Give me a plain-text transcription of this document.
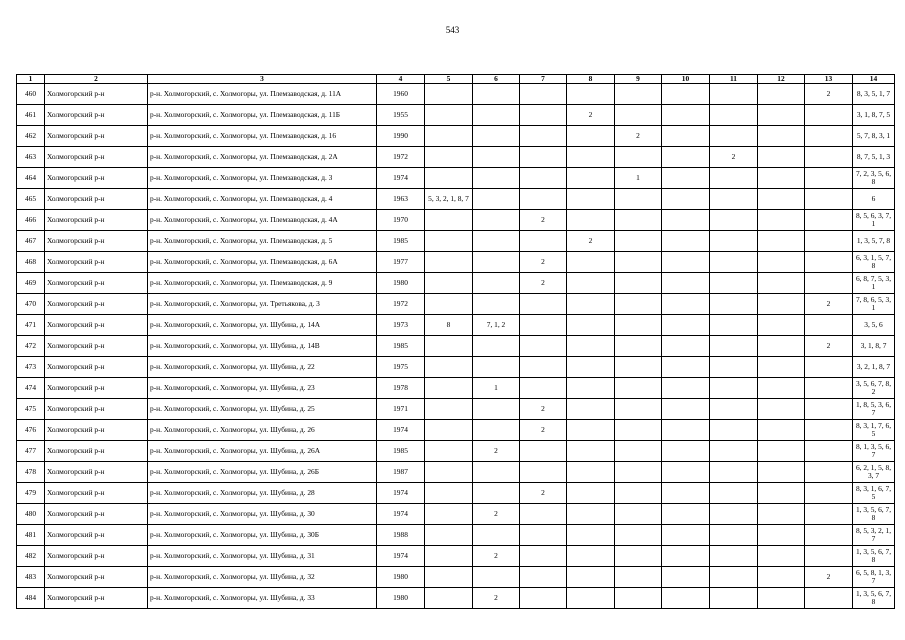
543
1	2	3	4	5	6	7	8	9	10	11	12	13	14
460	Холмогорский р-н	р-н. Холмогорский, с. Холмогоры, ул. Племзаводская, д. 11А	1960									2	8, 3, 5, 1, 7
461	Холмогорский р-н	р-н. Холмогорский, с. Холмогоры, ул. Племзаводская, д. 11Б	1955				2						3, 1, 8, 7, 5
462	Холмогорский р-н	р-н. Холмогорский, с. Холмогоры, ул. Племзаводская, д. 16	1990					2					5, 7, 8, 3, 1
463	Холмогорский р-н	р-н. Холмогорский, с. Холмогоры, ул. Племзаводская, д. 2А	1972							2			8, 7, 5, 1, 3
464	Холмогорский р-н	р-н. Холмогорский, с. Холмогоры, ул. Племзаводская, д. 3	1974					1					7, 2, 3, 5, 6, 8
465	Холмогорский р-н	р-н. Холмогорский, с. Холмогоры, ул. Племзаводская, д. 4	1963	5, 3, 2, 1, 8, 7									6
466	Холмогорский р-н	р-н. Холмогорский, с. Холмогоры, ул. Племзаводская, д. 4А	1970			2							8, 5, 6, 3, 7, 1
467	Холмогорский р-н	р-н. Холмогорский, с. Холмогоры, ул. Племзаводская, д. 5	1985				2						1, 3, 5, 7, 8
468	Холмогорский р-н	р-н. Холмогорский, с. Холмогоры, ул. Племзаводская, д. 6А	1977			2							6, 3, 1, 5, 7, 8
469	Холмогорский р-н	р-н. Холмогорский, с. Холмогоры, ул. Племзаводская, д. 9	1980			2							6, 8, 7, 5, 3, 1
470	Холмогорский р-н	р-н. Холмогорский, с. Холмогоры, ул. Третьякова, д. 3	1972									2	7, 8, 6, 5, 3, 1
471	Холмогорский р-н	р-н. Холмогорский, с. Холмогоры, ул. Шубина, д. 14А	1973	8	7, 1, 2								3, 5, 6
472	Холмогорский р-н	р-н. Холмогорский, с. Холмогоры, ул. Шубина, д. 14В	1985									2	3, 1, 8, 7
473	Холмогорский р-н	р-н. Холмогорский, с. Холмогоры, ул. Шубина, д. 22	1975										3, 2, 1, 8, 7
474	Холмогорский р-н	р-н. Холмогорский, с. Холмогоры, ул. Шубина, д. 23	1978		1								3, 5, 6, 7, 8, 2
475	Холмогорский р-н	р-н. Холмогорский, с. Холмогоры, ул. Шубина, д. 25	1971			2							1, 8, 5, 3, 6, 7
476	Холмогорский р-н	р-н. Холмогорский, с. Холмогоры, ул. Шубина, д. 26	1974			2							8, 3, 1, 7, 6, 5
477	Холмогорский р-н	р-н. Холмогорский, с. Холмогоры, ул. Шубина, д. 26А	1985		2								8, 1, 3, 5, 6, 7
478	Холмогорский р-н	р-н. Холмогорский, с. Холмогоры, ул. Шубина, д. 26Б	1987										6, 2, 1, 5, 8, 3, 7
479	Холмогорский р-н	р-н. Холмогорский, с. Холмогоры, ул. Шубина, д. 28	1974			2							8, 3, 1, 6, 7, 5
480	Холмогорский р-н	р-н. Холмогорский, с. Холмогоры, ул. Шубина, д. 30	1974		2								1, 3, 5, 6, 7, 8
481	Холмогорский р-н	р-н. Холмогорский, с. Холмогоры, ул. Шубина, д. 30Б	1988										8, 5, 3, 2, 1, 7
482	Холмогорский р-н	р-н. Холмогорский, с. Холмогоры, ул. Шубина, д. 31	1974		2								1, 3, 5, 6, 7, 8
483	Холмогорский р-н	р-н. Холмогорский, с. Холмогоры, ул. Шубина, д. 32	1980									2	6, 5, 8, 1, 3, 7
484	Холмогорский р-н	р-н. Холмогорский, с. Холмогоры, ул. Шубина, д. 33	1980		2								1, 3, 5, 6, 7, 8
